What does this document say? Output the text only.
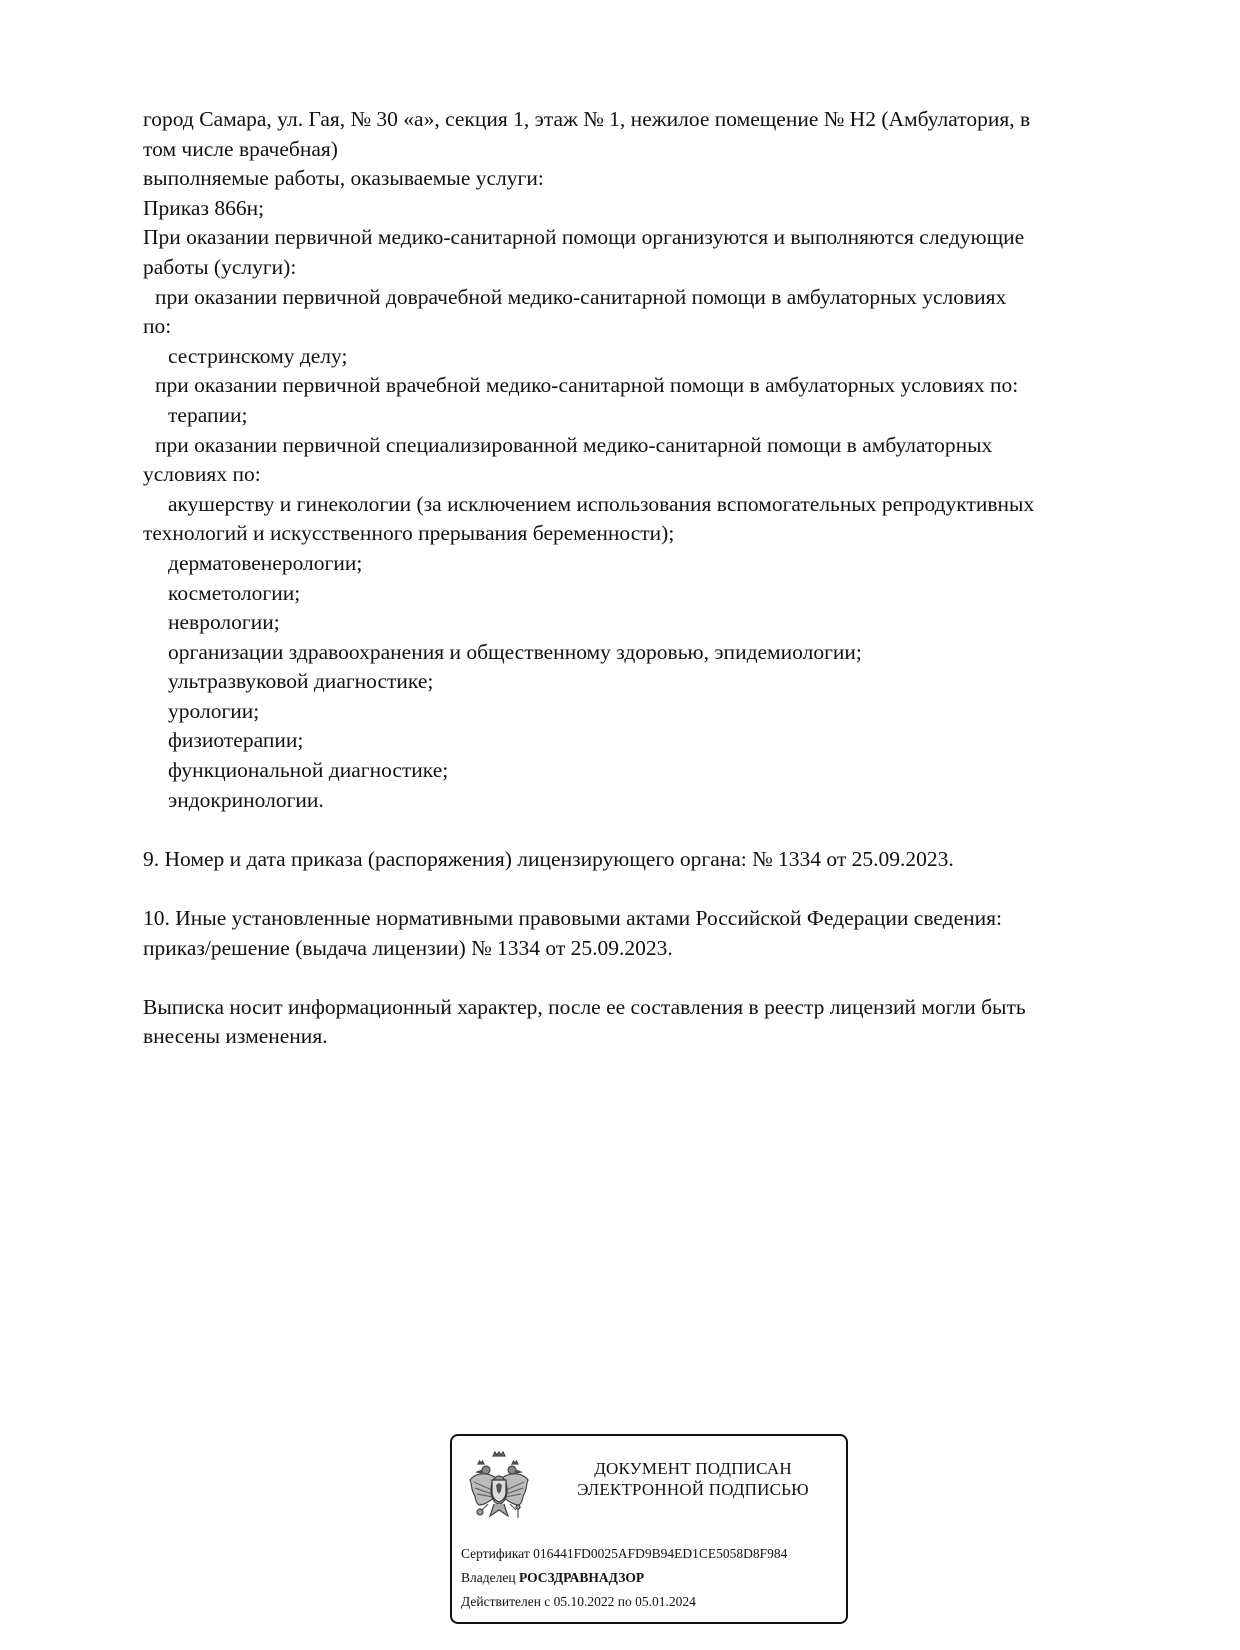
город Самара, ул. Гая, № 30 «а», секция 1, этаж № 1, нежилое помещение № Н2 (Амбулатория, в
том числе врачебная)
выполняемые работы, оказываемые услуги:
Приказ 866н;
При оказании первичной медико-санитарной помощи организуются и выполняются следующие
работы (услуги):
при оказании первичной доврачебной медико-санитарной помощи в амбулаторных условиях
по:
сестринскому делу;
при оказании первичной врачебной медико-санитарной помощи в амбулаторных условиях по:
терапии;
при оказании первичной специализированной медико-санитарной помощи в амбулаторных
условиях по:
акушерству и гинекологии (за исключением использования вспомогательных репродуктивных
технологий и искусственного прерывания беременности);
дерматовенерологии;
косметологии;
неврологии;
организации здравоохранения и общественному здоровью, эпидемиологии;
ультразвуковой диагностике;
урологии;
физиотерапии;
функциональной диагностике;
эндокринологии.
9. Номер и дата приказа (распоряжения) лицензирующего органа: № 1334 от 25.09.2023.
10. Иные установленные нормативными правовыми актами Российской Федерации сведения:
приказ/решение (выдача лицензии) № 1334 от 25.09.2023.
Выписка носит информационный характер, после ее составления в реестр лицензий могли быть
внесены изменения.
ДОКУМЕНТ ПОДПИСАН
ЭЛЕКТРОННОЙ ПОДПИСЬЮ
Сертификат 016441FD0025AFD9B94ED1CE5058D8F984
Владелец РОСЗДРАВНАДЗОР
Действителен с 05.10.2022 по 05.01.2024
